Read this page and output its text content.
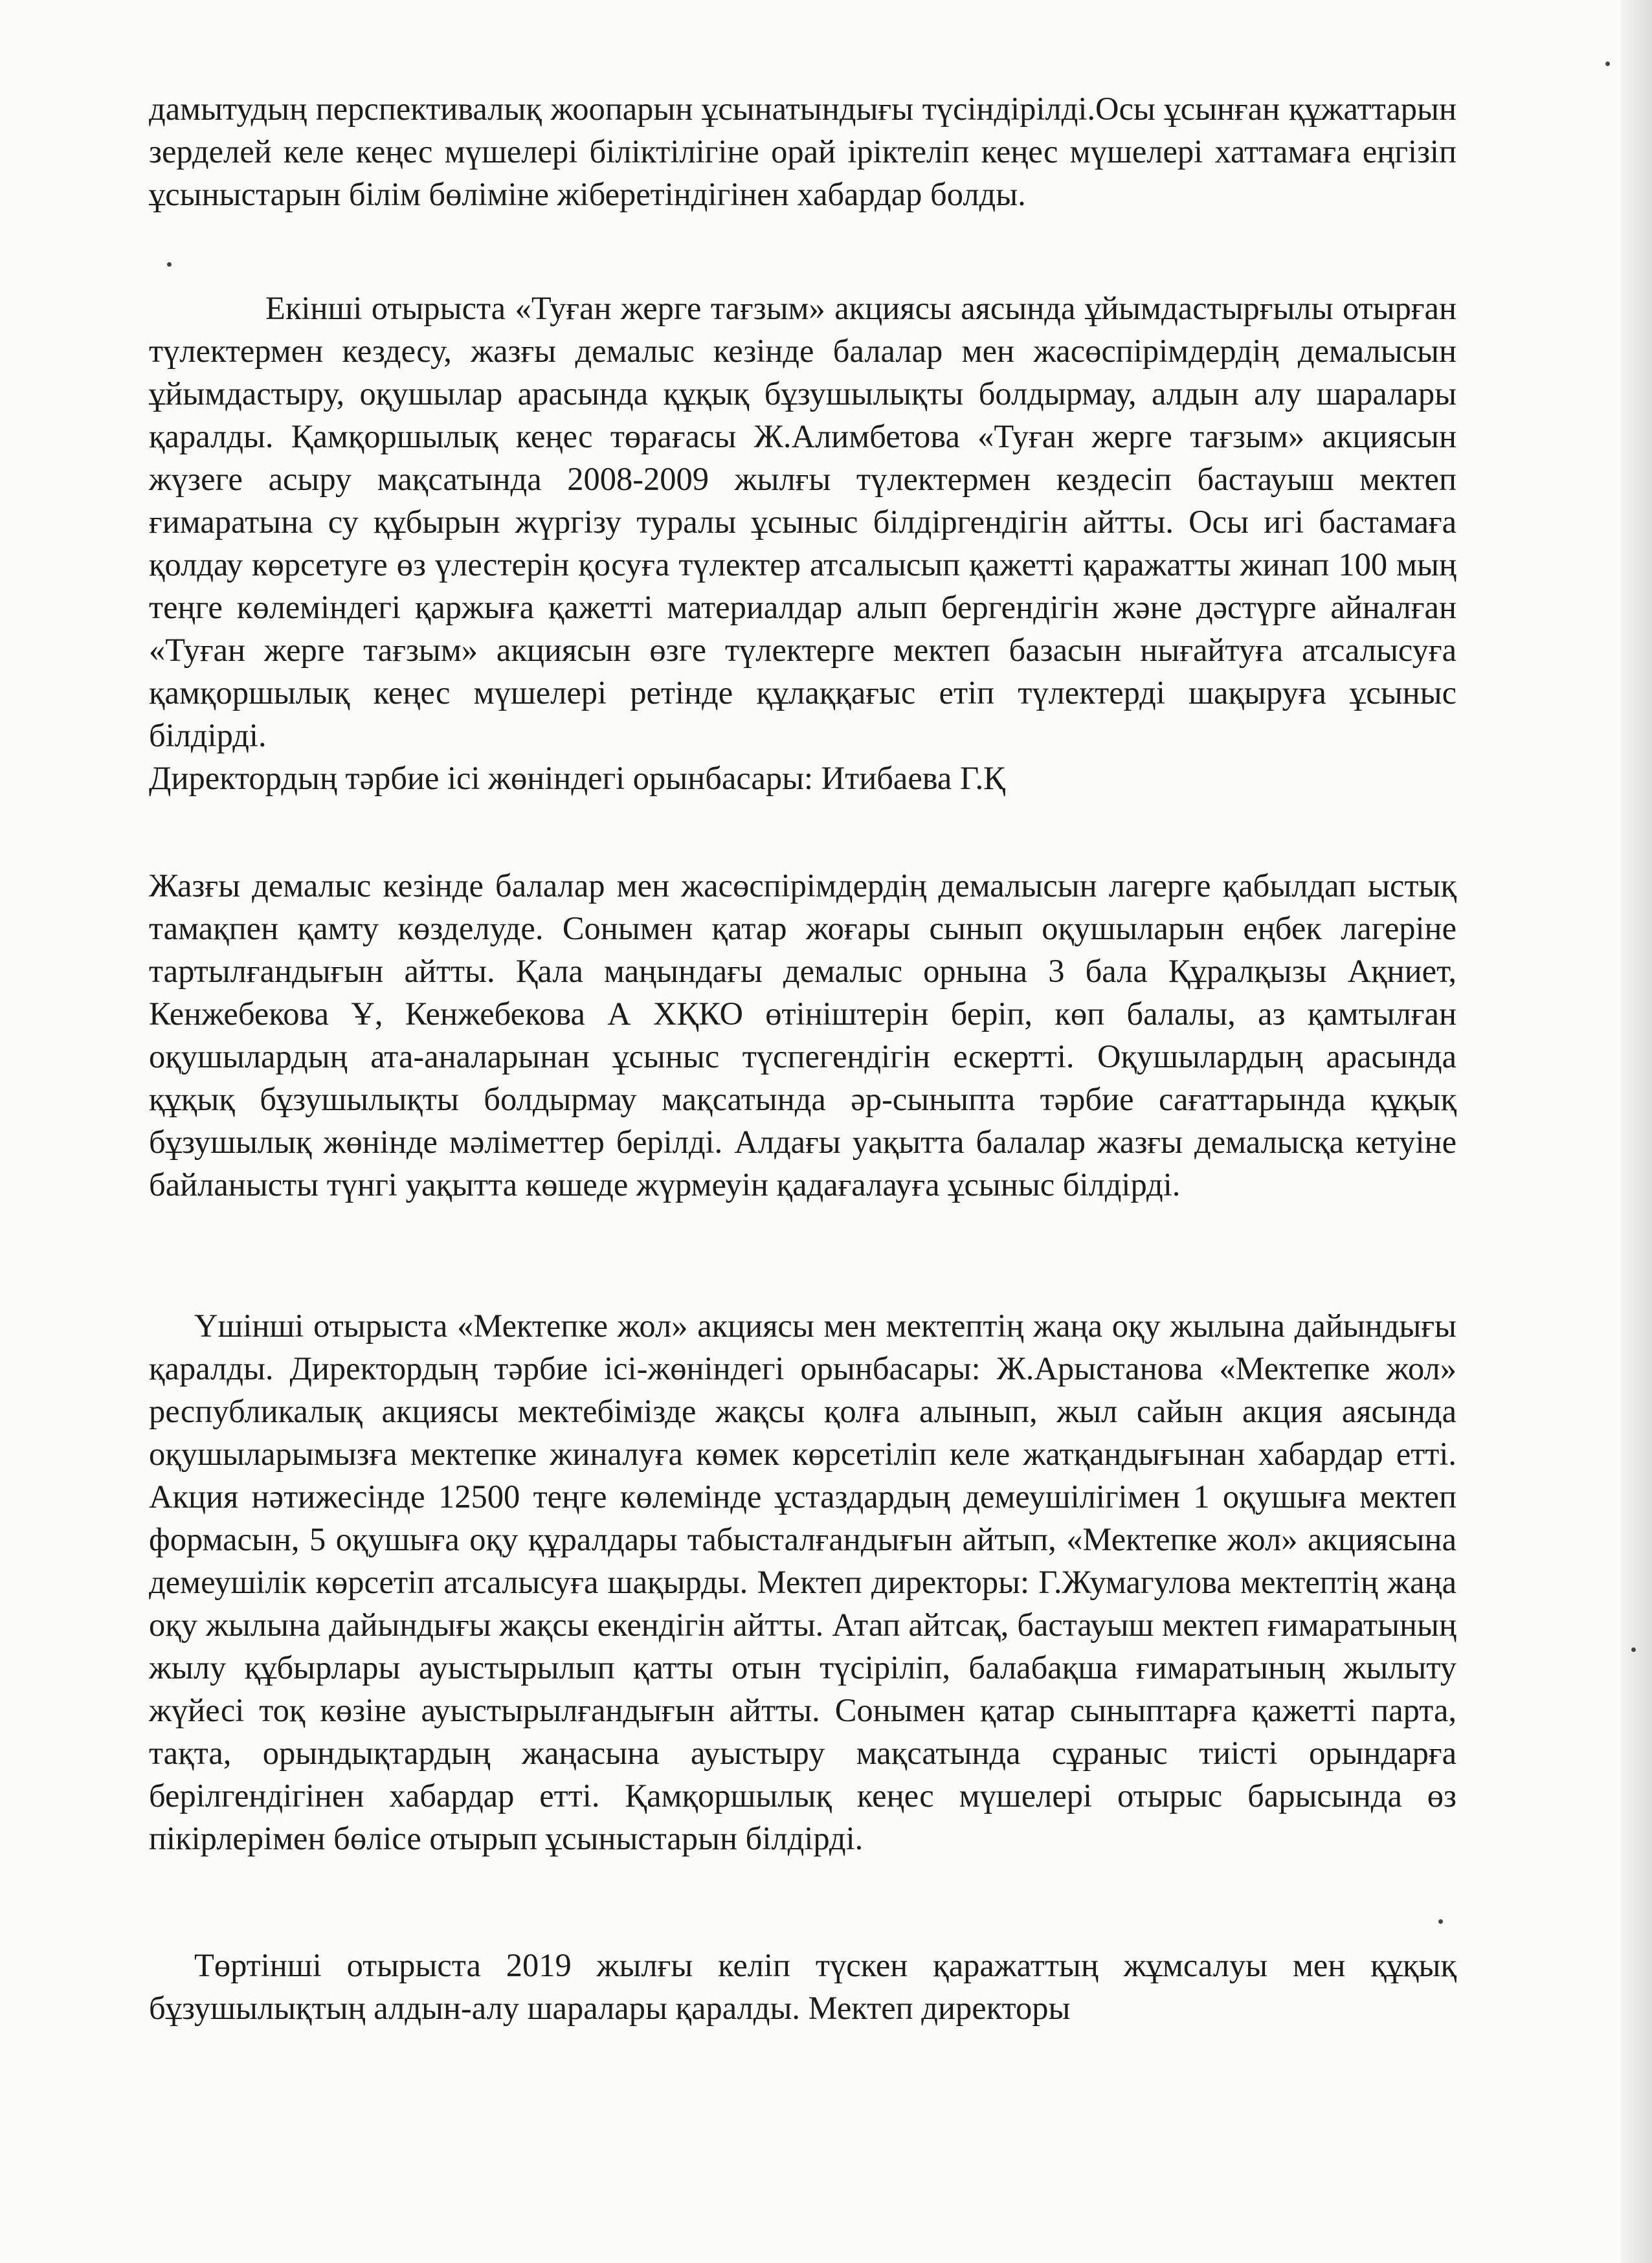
дамытудың перспективалық жоопарын ұсынатындығы түсіндірілді.Осы ұсынған құжаттарын зерделей келе кеңес мүшелері біліктілігіне орай іріктеліп кеңес мүшелері хаттамаға еңгізіп ұсыныстарын білім бөліміне жіберетіндігінен хабардар болды.

Екінші отырыста «Туған жерге тағзым» акциясы аясында ұйымдастырғылы отырған түлектермен кездесу, жазғы демалыс кезінде балалар мен жасөспірімдердің демалысын ұйымдастыру, оқушылар арасында құқық бұзушылықты болдырмау, алдын алу шаралары қаралды. Қамқоршылық кеңес төрағасы Ж.Алимбетова «Туған жерге тағзым» акциясын жүзеге асыру мақсатында 2008-2009 жылғы түлектермен кездесіп бастауыш мектеп ғимаратына су құбырын жүргізу туралы ұсыныс білдіргендігін айтты. Осы игі бастамаға қолдау көрсетуге өз үлестерін қосуға түлектер атсалысып қажетті қаражатты жинап 100 мың теңге көлеміндегі қаржыға қажетті материалдар алып бергендігін және дәстүрге айналған «Туған жерге тағзым» акциясын өзге түлектерге мектеп базасын нығайтуға атсалысуға қамқоршылық кеңес мүшелері ретінде құлаққағыс етіп түлектерді шақыруға ұсыныс білдірді.
Директордың тәрбие ісі жөніндегі орынбасары: Итибаева Г.Қ

Жазғы демалыс кезінде балалар мен жасөспірімдердің демалысын лагерге қабылдап ыстық тамақпен қамту көзделуде. Сонымен қатар жоғары сынып оқушыларын еңбек лагеріне тартылғандығын айтты. Қала маңындағы демалыс орнына 3 бала Құралқызы Ақниет, Кенжебекова Ұ, Кенжебекова А ХҚКО өтініштерін беріп, көп балалы, аз қамтылған оқушылардың ата-аналарынан ұсыныс түспегендігін ескертті. Оқушылардың арасында құқық бұзушылықты болдырмау мақсатында әр-сыныпта тәрбие сағаттарында құқық бұзушылық жөнінде мәліметтер берілді. Алдағы уақытта балалар жазғы демалысқа кетуіне байланысты түнгі уақытта көшеде жүрмеуін қадағалауға ұсыныс білдірді.

Үшінші отырыста «Мектепке жол» акциясы мен мектептің жаңа оқу жылына дайындығы қаралды. Директордың тәрбие ісі-жөніндегі орынбасары: Ж.Арыстанова «Мектепке жол» республикалық акциясы мектебімізде жақсы қолға алынып, жыл сайын акция аясында оқушыларымызға мектепке жиналуға көмек көрсетіліп келе жатқандығынан хабардар етті. Акция нәтижесінде 12500 теңге көлемінде ұстаздардың демеушілігімен 1 оқушыға мектеп формасын, 5 оқушыға оқу құралдары табысталғандығын айтып, «Мектепке жол» акциясына демеушілік көрсетіп атсалысуға шақырды. Мектеп директоры: Г.Жумагулова мектептің жаңа оқу жылына дайындығы жақсы екендігін айтты. Атап айтсақ, бастауыш мектеп ғимаратының жылу құбырлары ауыстырылып қатты отын түсіріліп, балабақша ғимаратының жылыту жүйесі тоқ көзіне ауыстырылғандығын айтты. Сонымен қатар сыныптарға қажетті парта, тақта, орындықтардың жаңасына ауыстыру мақсатында сұраныс тиісті орындарға берілгендігінен хабардар етті. Қамқоршылық кеңес мүшелері отырыс барысында өз пікірлерімен бөлісе отырып ұсыныстарын білдірді.

Төртінші отырыста 2019 жылғы келіп түскен қаражаттың жұмсалуы мен құқық бұзушылықтың алдын-алу шаралары қаралды. Мектеп директоры
